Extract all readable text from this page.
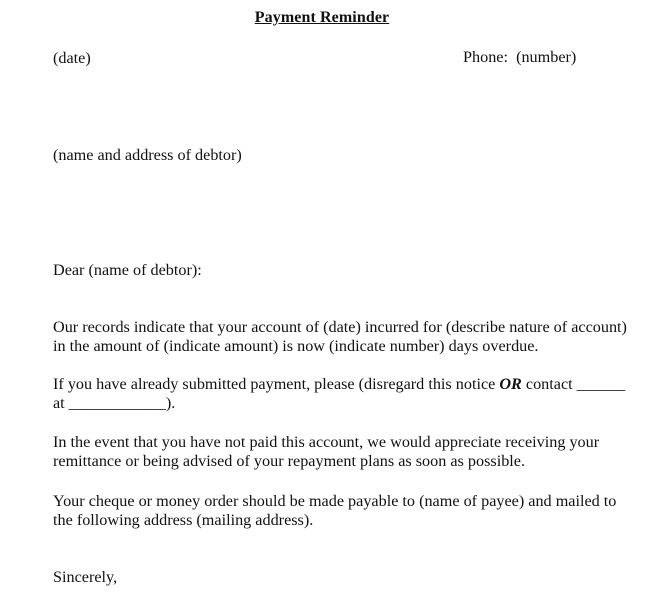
Payment Reminder
(date)	Phone: (number)
(name and address of debtor)
Dear (name of debtor):
Our records indicate that your account of (date) incurred for (describe nature of account)
in the amount of (indicate amount) is now (indicate number) days overdue.
If you have already submitted payment, please (disregard this notice OR contact ______
at ____________).
In the event that you have not paid this account, we would appreciate receiving your
remittance or being advised of your repayment plans as soon as possible.
Your cheque or money order should be made payable to (name of payee) and mailed to
the following address (mailing address).
Sincerely,
